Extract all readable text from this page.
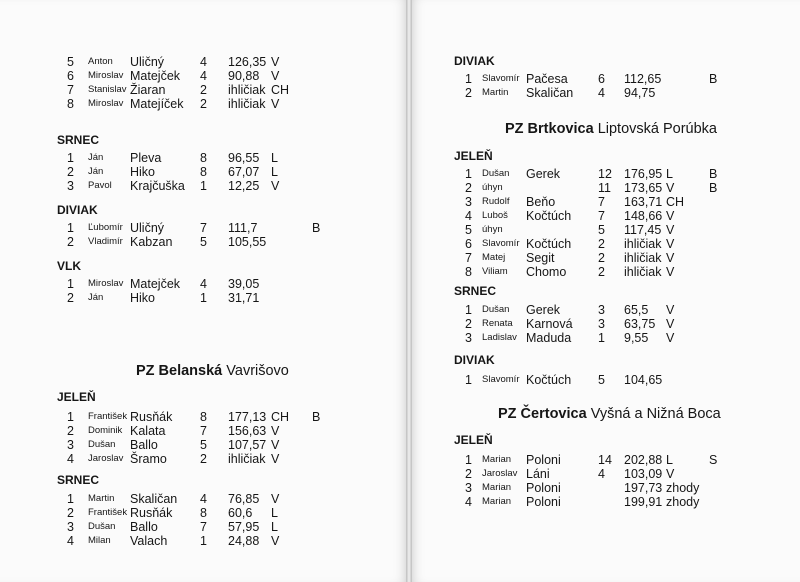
5 Anton Uličný	4 126,35 V
6 Miroslav Matejček 4 90,88 V
7 Stanislav Žiaran	2 ihličiak CH
8 Miroslav Matejíček 2 ihličiak V
SRNEC
1 Ján Pleva	8 96,55 L
2 Ján Hiko	8 67,07 L
3 Pavol Krajčuška 1 12,25 V
DIVIAK
1 Ľubomír Uličný	7 111,7	B
2 Vladimír Kabzan 5 105,55
VLK
1 Miroslav Matejček 4 39,05
2 Ján Hiko	1 31,71
PZ Belanská Vavrišovo
JELEŇ
1 František Rusňák 8 177,13 CH B
2 Dominik Kalata	7 156,63 V
3 Dušan Ballo	5 107,57 V
4 Jaroslav Šramo	2 ihličiak V
SRNEC
1 Martin Skaličan 4 76,85 V
2 František Rusňák 8 60,6 L
3 Dušan Ballo	7 57,95 L
4 Milan Valach	1 24,88 V
DIVIAK
1 Slavomír Pačesa 6 112,65	B
2 Martin Skaličan 4 94,75
PZ Brtkovica Liptovská Porúbka
JELEŇ
1 Dušan Gerek	12 176,95 L	B
2 úhyn	11 173,65 V	B
3 Rudolf Beňo	7 163,71 CH
4 Luboš Kočtúch 7 148,66 V
5 úhyn	5 117,45 V
6 Slavomír Kočtúch 2 ihličiak V
7 Matej Segit	2 ihličiak V
8 Viliam Chomo	2 ihličiak V
SRNEC
1 Dušan Gerek	3 65,5 V
2 Renata Karnová 3 63,75 V
3 Ladislav Maduda 1 9,55 V
DIVIAK
1 Slavomír Kočtúch 5 104,65
PZ Čertovica Vyšná a Nižná Boca
JELEŇ
1 Marian Poloni	14 202,88 L	S
2 Jaroslav Láni	4 103,09 V
3 Marian Poloni	197,73 zhody
4 Marian Poloni	199,91 zhody
